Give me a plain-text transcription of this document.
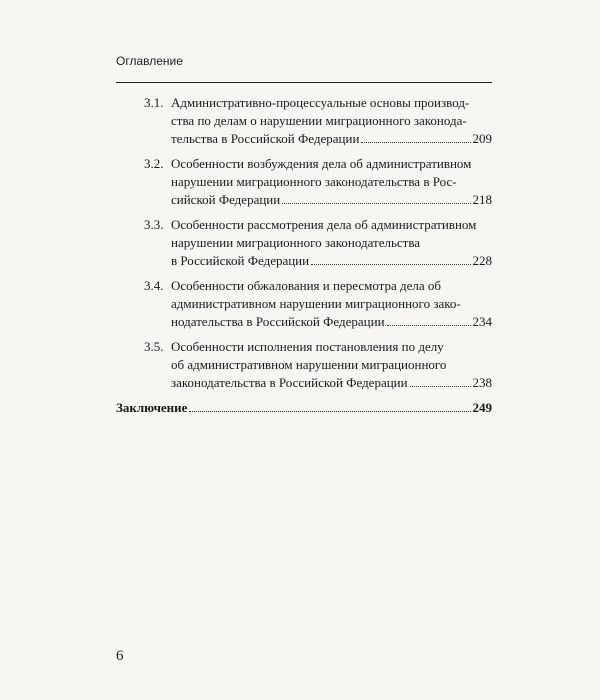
Оглавление
3.1. Административно-процессуальные основы производ-
ства по делам о нарушении миграционного законода-
тельства в Российской Федерации	209
3.2. Особенности возбуждения дела об административном
нарушении миграционного законодательства в Рос-
сийской Федерации	218
3.3. Особенности рассмотрения дела об административном
нарушении миграционного законодательства
в Российской Федерации	228
3.4. Особенности обжалования и пересмотра дела об
административном нарушении миграционного зако-
нодательства в Российской Федерации	234
3.5. Особенности исполнения постановления по делу
об административном нарушении миграционного
законодательства в Российской Федерации	238
Заключение	249
6
